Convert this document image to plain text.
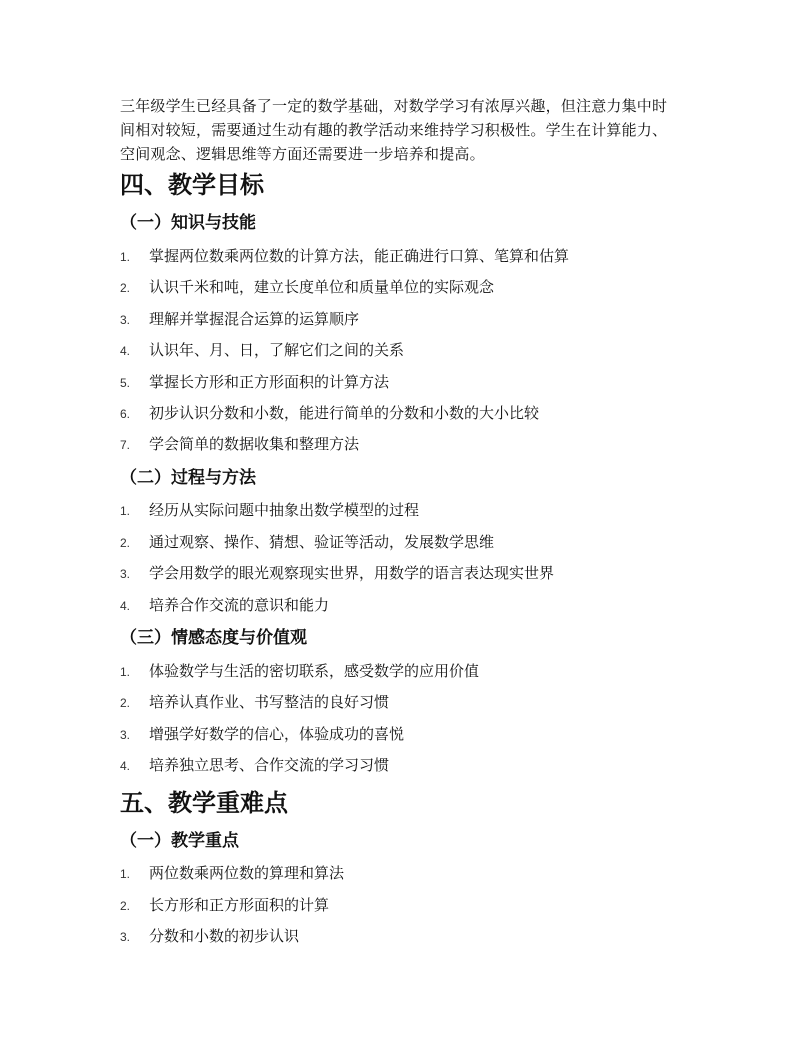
三年级学生已经具备了一定的数学基础，对数学学习有浓厚兴趣，但注意力集中时间相对较短，需要通过生动有趣的教学活动来维持学习积极性。学生在计算能力、空间观念、逻辑思维等方面还需要进一步培养和提高。

四、教学目标
（一）知识与技能
1. 掌握两位数乘两位数的计算方法，能正确进行口算、笔算和估算
2. 认识千米和吨，建立长度单位和质量单位的实际观念
3. 理解并掌握混合运算的运算顺序
4. 认识年、月、日，了解它们之间的关系
5. 掌握长方形和正方形面积的计算方法
6. 初步认识分数和小数，能进行简单的分数和小数的大小比较
7. 学会简单的数据收集和整理方法
（二）过程与方法
1. 经历从实际问题中抽象出数学模型的过程
2. 通过观察、操作、猜想、验证等活动，发展数学思维
3. 学会用数学的眼光观察现实世界，用数学的语言表达现实世界
4. 培养合作交流的意识和能力
（三）情感态度与价值观
1. 体验数学与生活的密切联系，感受数学的应用价值
2. 培养认真作业、书写整洁的良好习惯
3. 增强学好数学的信心，体验成功的喜悦
4. 培养独立思考、合作交流的学习习惯
五、教学重难点
（一）教学重点
1. 两位数乘两位数的算理和算法
2. 长方形和正方形面积的计算
3. 分数和小数的初步认识
